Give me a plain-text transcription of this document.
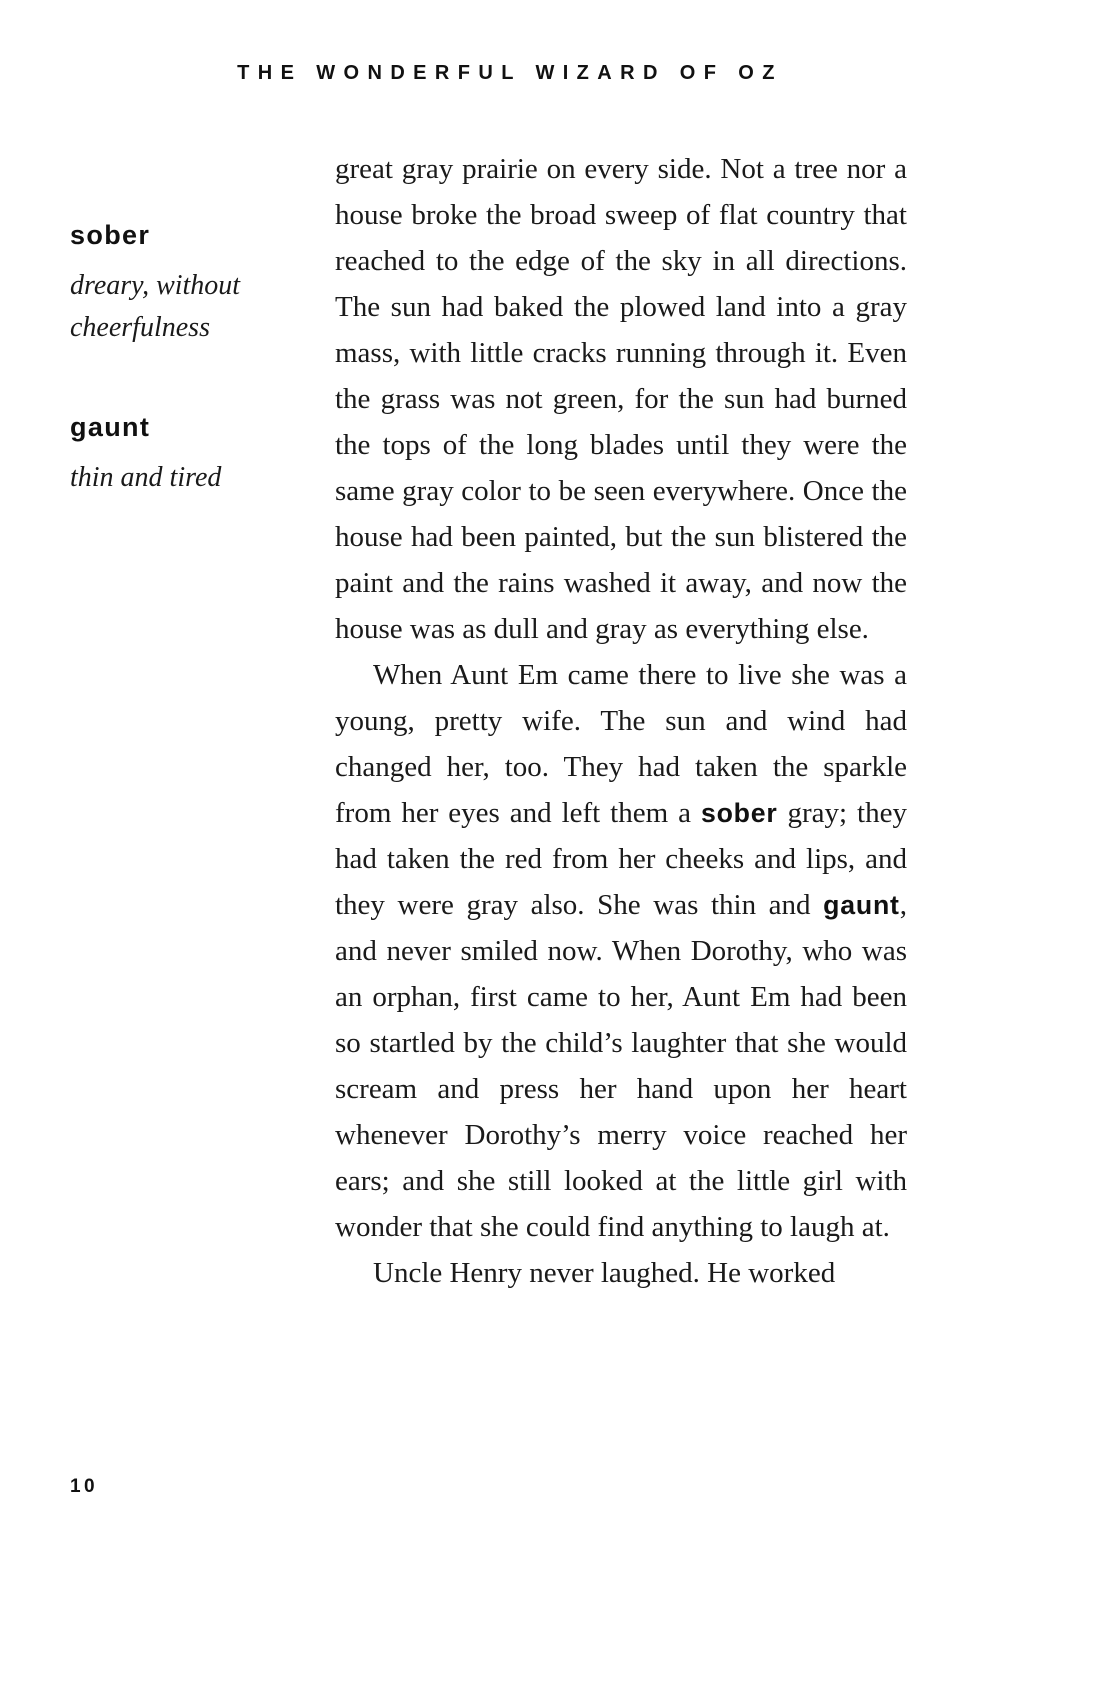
THE WONDERFUL WIZARD OF OZ
sober
dreary, without cheerfulness
gaunt
thin and tired

great gray prairie on every side. Not a tree nor a house broke the broad sweep of flat country that reached to the edge of the sky in all directions. The sun had baked the plowed land into a gray mass, with little cracks running through it. Even the grass was not green, for the sun had burned the tops of the long blades until they were the same gray color to be seen everywhere. Once the house had been painted, but the sun blistered the paint and the rains washed it away, and now the house was as dull and gray as everything else.

When Aunt Em came there to live she was a young, pretty wife. The sun and wind had changed her, too. They had taken the sparkle from her eyes and left them a sober gray; they had taken the red from her cheeks and lips, and they were gray also. She was thin and gaunt, and never smiled now. When Dorothy, who was an orphan, first came to her, Aunt Em had been so startled by the child’s laughter that she would scream and press her hand upon her heart whenever Dorothy’s merry voice reached her ears; and she still looked at the little girl with wonder that she could find anything to laugh at.

Uncle Henry never laughed. He worked

10
